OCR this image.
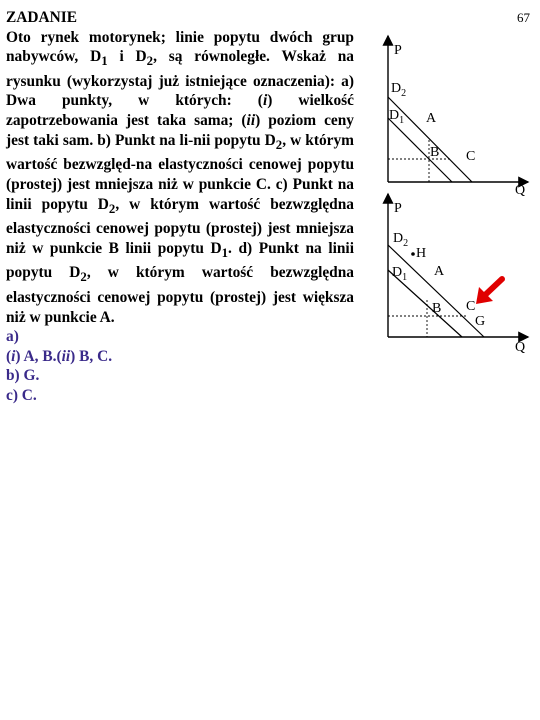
67

ZADANIE

Oto rynek motorynek; linie popytu dwóch grup nabywców, $D_1$ i $D_2$, są równoległe. Wskaż na rysunku (wykorzystaj już istniejące oznaczenia): a) Dwa punkty, w których: (i) wielkość zapotrzebowania jest taka sama; (ii) poziom ceny jest taki sam. b) Punkt na li-nii popytu $D_2$, w którym wartość bezwzględ-na elastyczności cenowej popytu (prostej) jest mniejsza niż w punkcie C. c) Punkt na linii popytu $D_2$, w którym wartość bezwzględna elastyczności cenowej popytu (prostej) jest mniejsza niż w punkcie B linii popytu $D_1$. d) Punkt na linii popytu $D_2$, w którym wartość bezwzględna elastyczności cenowej popytu (prostej) jest większa niż w punkcie A.

a)

(i) A, B.(ii) B, C.

b) G.

c) C.

P
Q
$D_2$
$D_1$ A
B C
P
Q
$D_2$
H
$D_1$ A
B C
G
